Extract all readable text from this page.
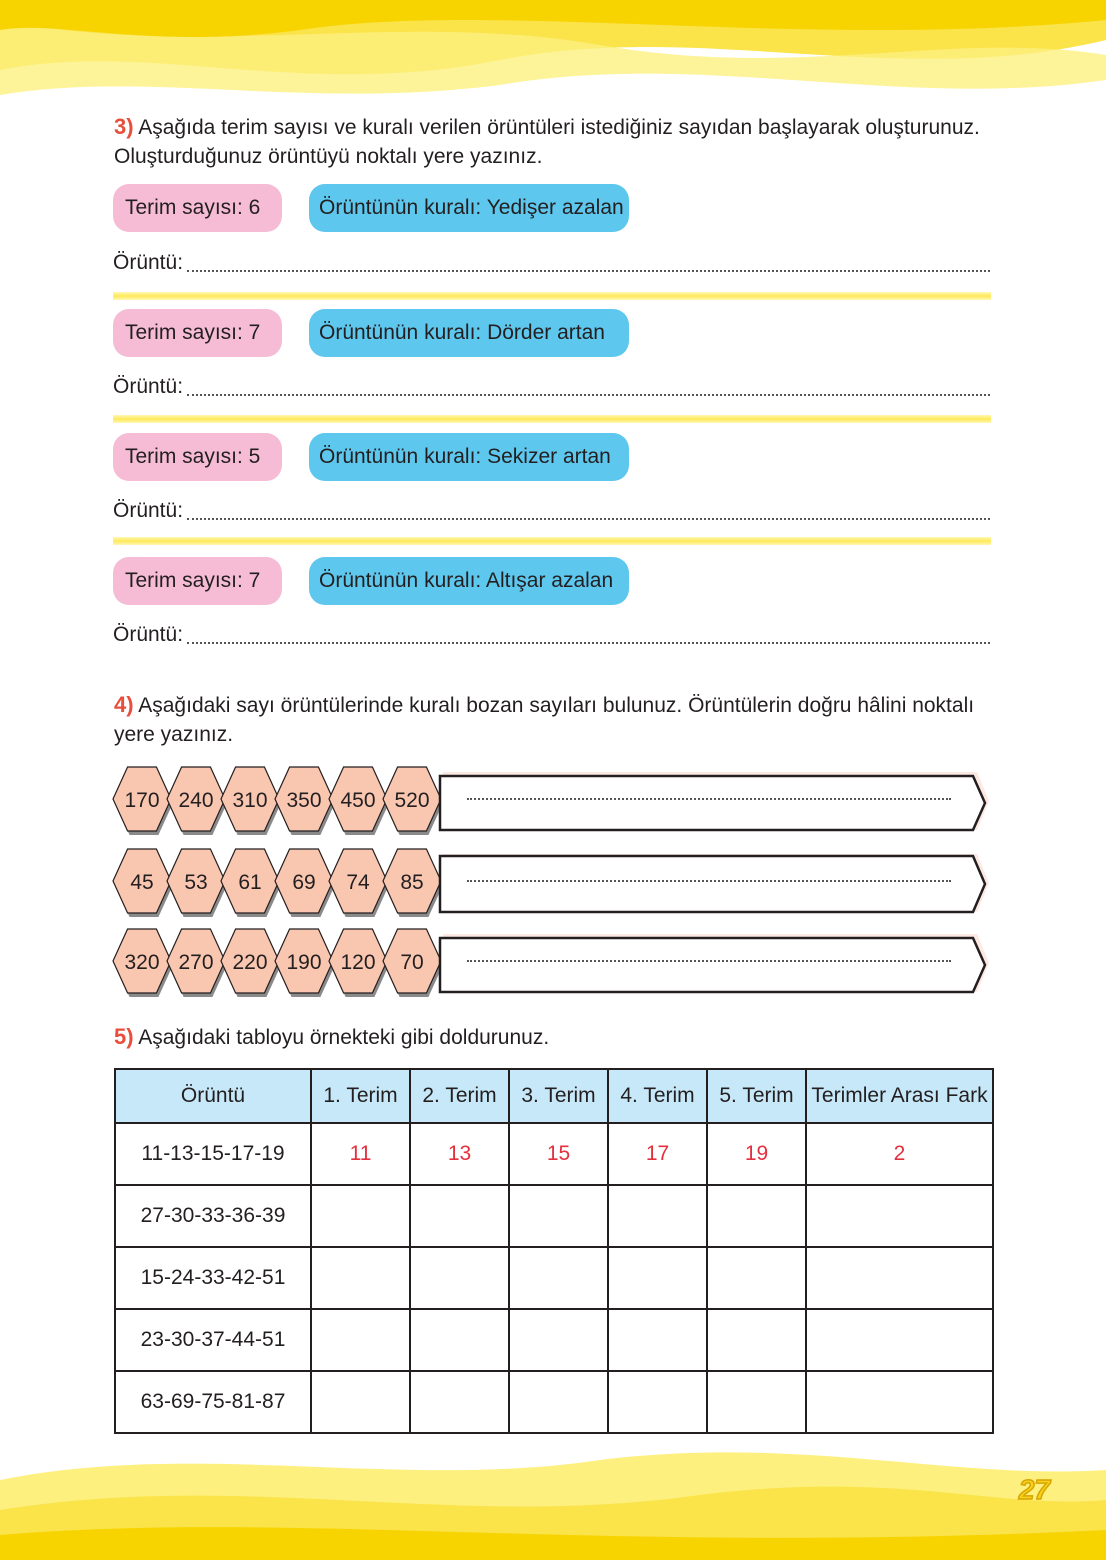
3) Aşağıda terim sayısı ve kuralı verilen örüntüleri istediğiniz sayıdan başlayarak oluşturunuz.
Oluşturduğunuz örüntüyü noktalı yere yazınız.
Terim sayısı: 6	Örüntünün kuralı: Yedişer azalan
Örüntü:
Terim sayısı: 7	Örüntünün kuralı: Dörder artan
Örüntü:
Terim sayısı: 5	Örüntünün kuralı: Sekizer artan
Örüntü:
Terim sayısı: 7	Örüntünün kuralı: Altışar azalan
Örüntü:
4) Aşağıdaki sayı örüntülerinde kuralı bozan sayıları bulunuz. Örüntülerin doğru hâlini noktalı
yere yazınız.
170 240 310 350 450 520
45 53 61 69 74 85
320 270 220 190 120 70
5) Aşağıdaki tabloyu örnekteki gibi doldurunuz.
Örüntü	1. Terim	2. Terim	3. Terim	4. Terim	5. Terim	Terimler Arası Fark
11-13-15-17-19	11	13	15	17	19	2
27-30-33-36-39						
15-24-33-42-51						
23-30-37-44-51						
63-69-75-81-87						
27
